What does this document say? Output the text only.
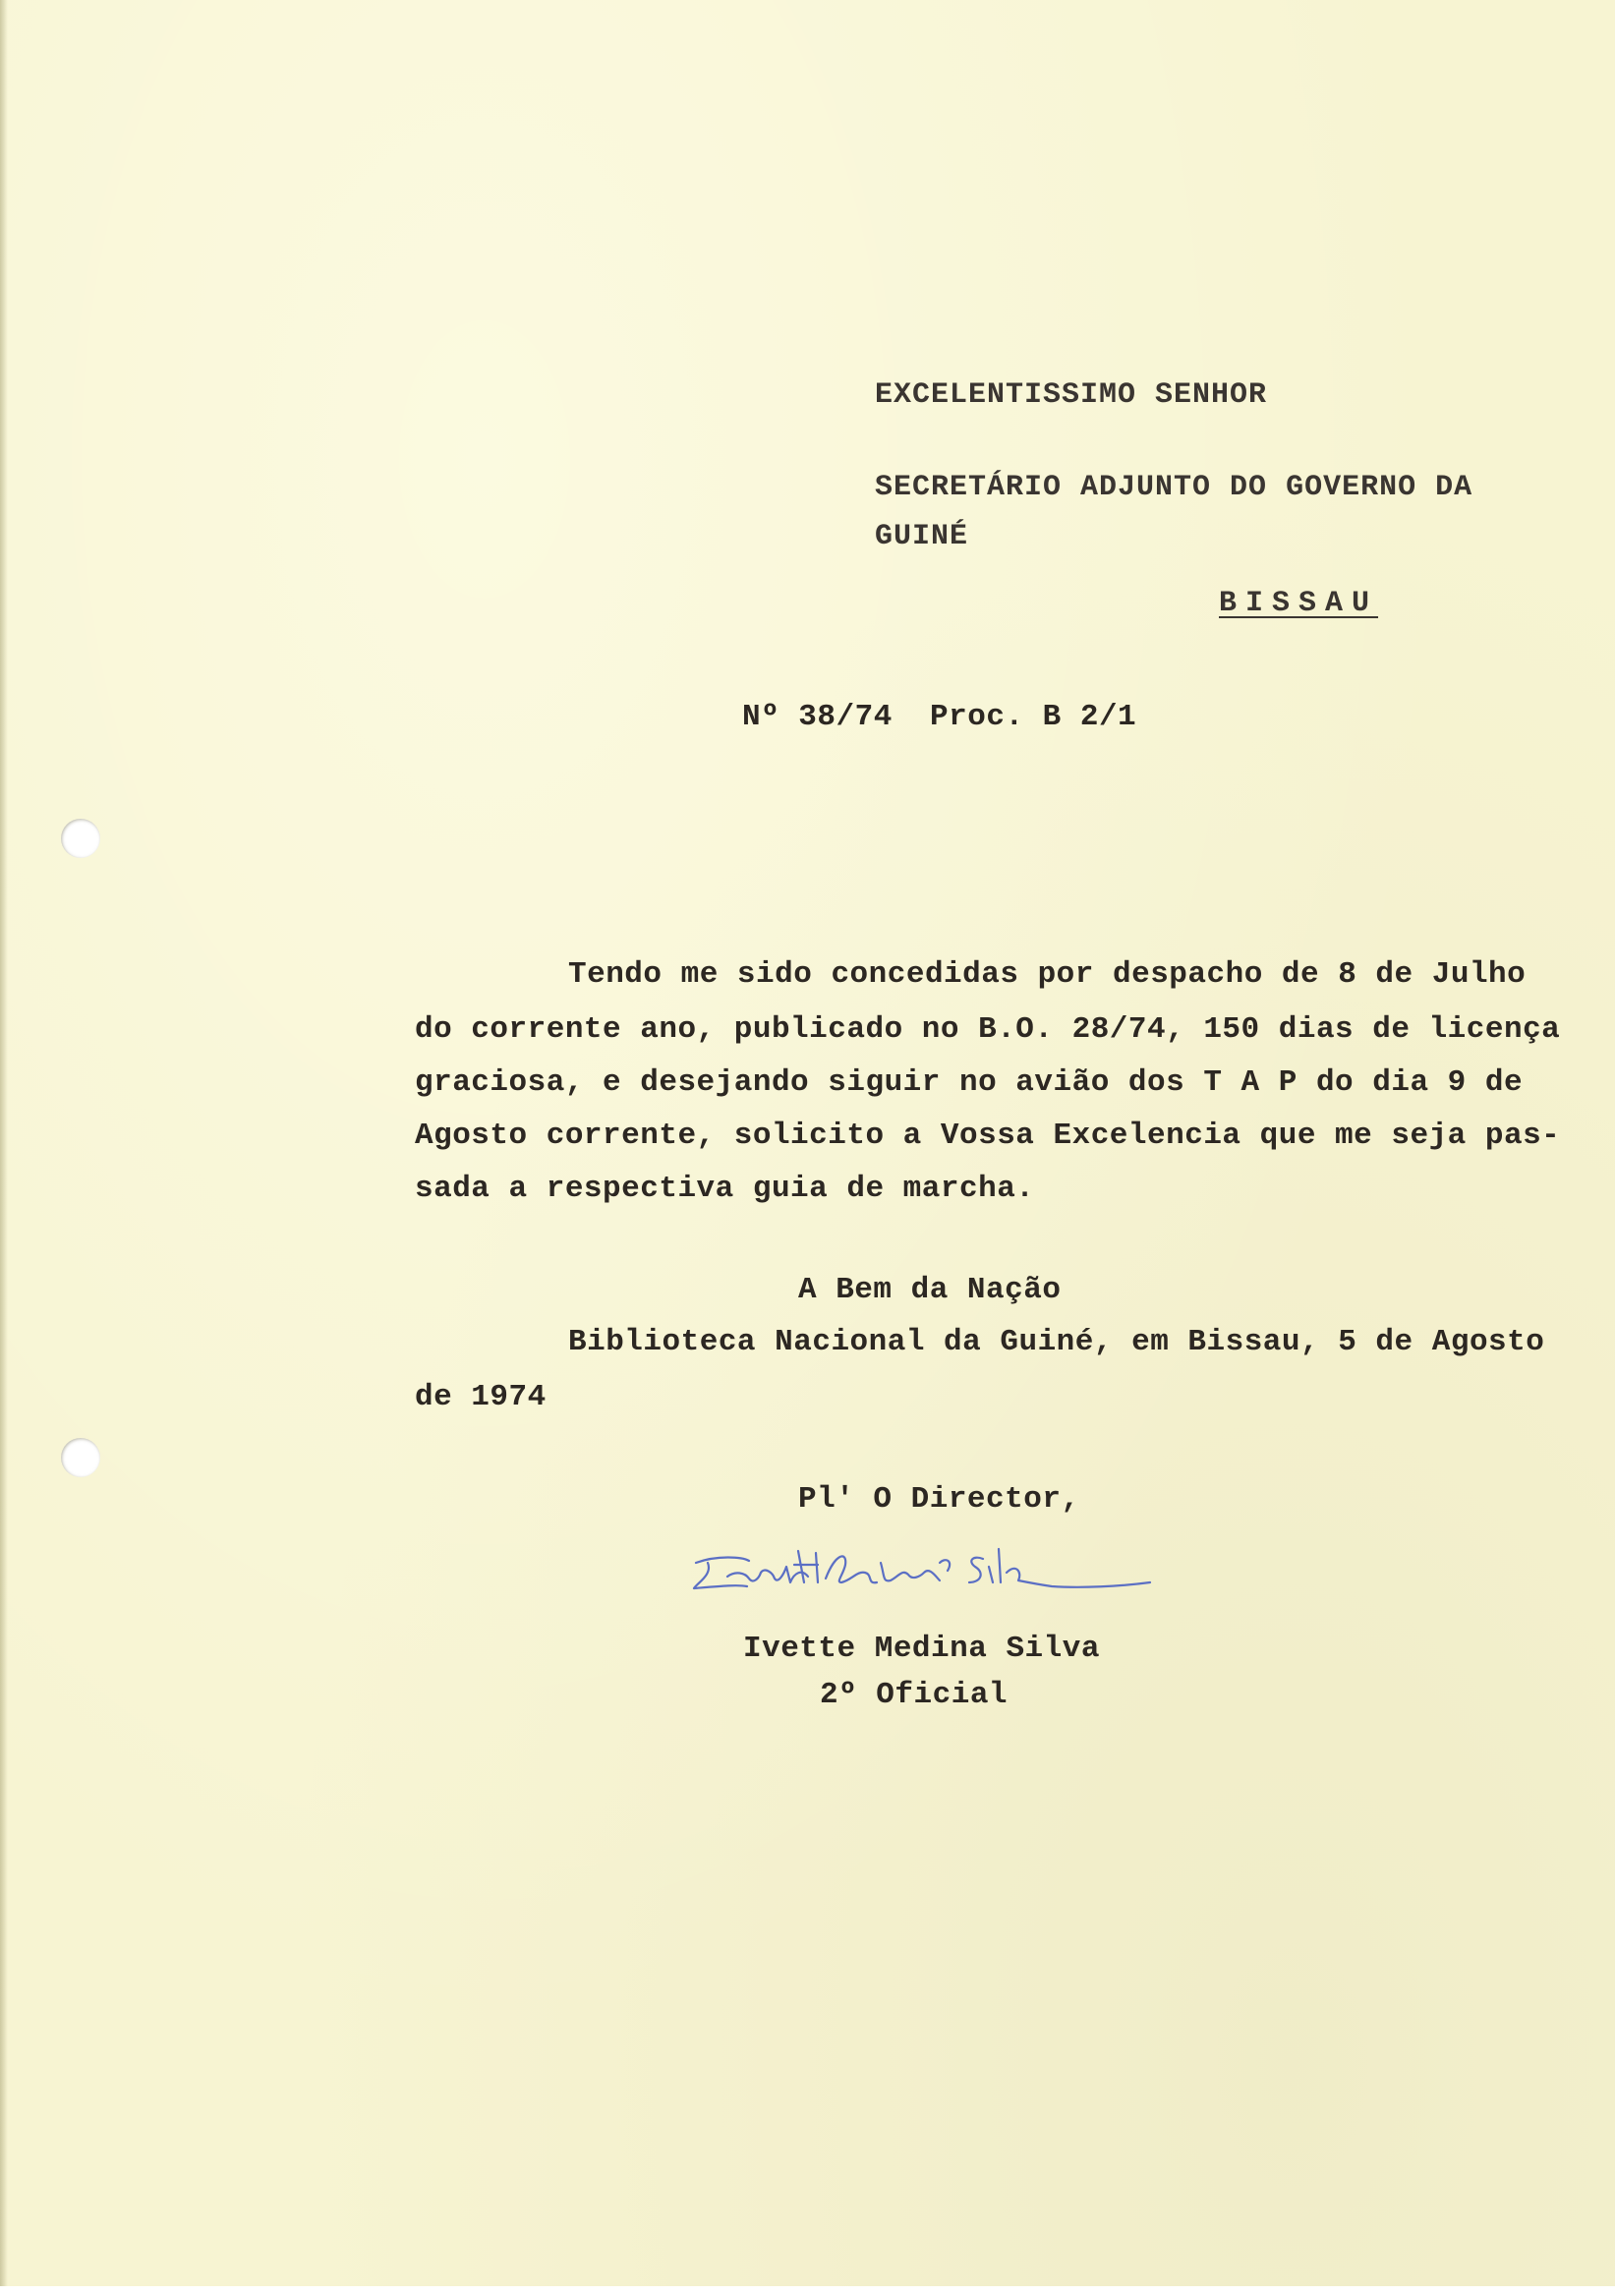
EXCELENTISSIMO SENHOR
SECRETÁRIO ADJUNTO DO GOVERNO DA
GUINÉ
BISSAU
Nº 38/74  Proc. B 2/1
Tendo me sido concedidas por despacho de 8 de Julho
do corrente ano, publicado no B.O. 28/74, 150 dias de licença
graciosa, e desejando siguir no avião dos T A P do dia 9 de
Agosto corrente, solicito a Vossa Excelencia que me seja pas-
sada a respectiva guia de marcha.
A Bem da Nação
Biblioteca Nacional da Guiné, em Bissau, 5 de Agosto
de 1974
Pl' O Director,
Ivette Medina Silva
2º Oficial
